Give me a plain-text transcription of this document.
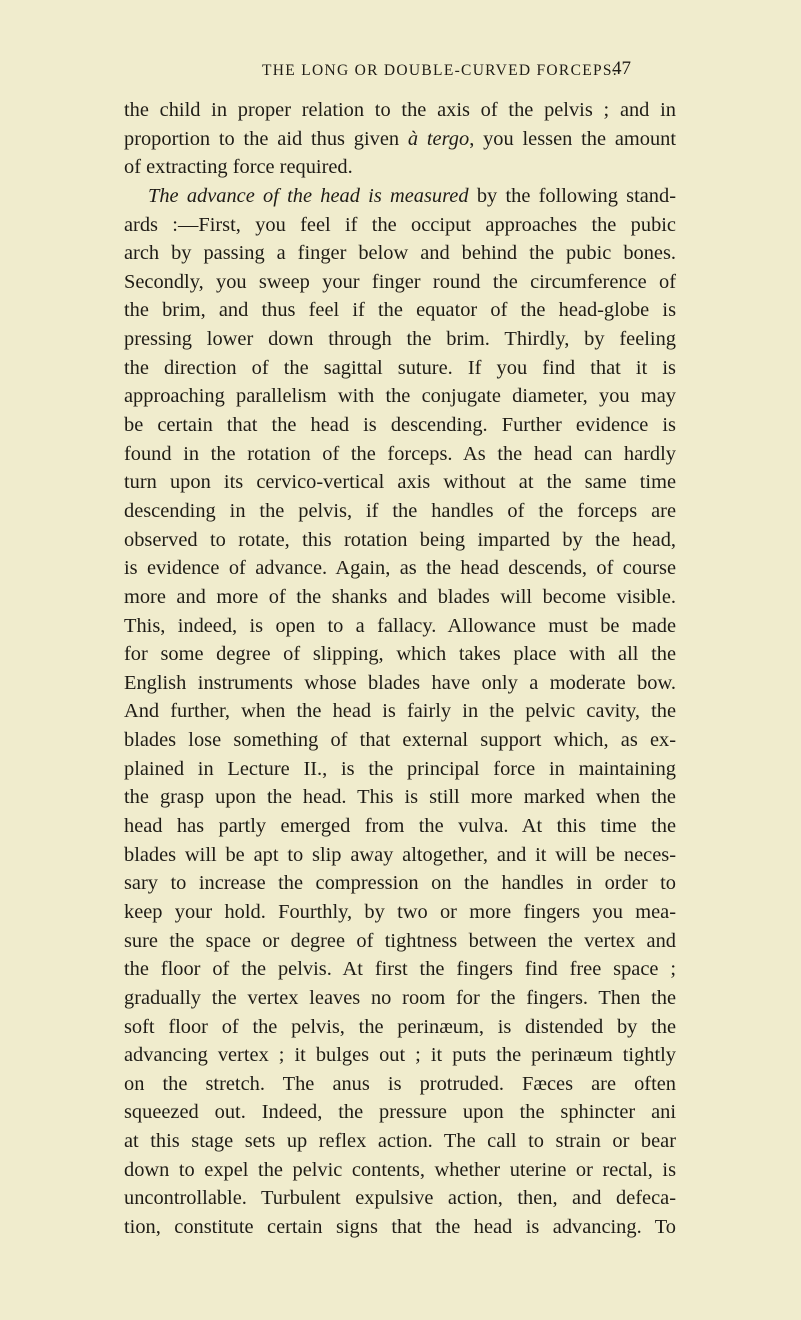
THE LONG OR DOUBLE-CURVED FORCEPS.
47
the child in proper relation to the axis of the pelvis ; and in
proportion to the aid thus given à tergo, you lessen the amount
of extracting force required.
The advance of the head is measured by the following stand-
ards :—First, you feel if the occiput approaches the pubic
arch by passing a finger below and behind the pubic bones.
Secondly, you sweep your finger round the circumference of
the brim, and thus feel if the equator of the head-globe is
pressing lower down through the brim. Thirdly, by feeling
the direction of the sagittal suture. If you find that it is
approaching parallelism with the conjugate diameter, you may
be certain that the head is descending. Further evidence is
found in the rotation of the forceps. As the head can hardly
turn upon its cervico-vertical axis without at the same time
descending in the pelvis, if the handles of the forceps are
observed to rotate, this rotation being imparted by the head,
is evidence of advance. Again, as the head descends, of course
more and more of the shanks and blades will become visible.
This, indeed, is open to a fallacy. Allowance must be made
for some degree of slipping, which takes place with all the
English instruments whose blades have only a moderate bow.
And further, when the head is fairly in the pelvic cavity, the
blades lose something of that external support which, as ex-
plained in Lecture II., is the principal force in maintaining
the grasp upon the head. This is still more marked when the
head has partly emerged from the vulva. At this time the
blades will be apt to slip away altogether, and it will be neces-
sary to increase the compression on the handles in order to
keep your hold. Fourthly, by two or more fingers you mea-
sure the space or degree of tightness between the vertex and
the floor of the pelvis. At first the fingers find free space ;
gradually the vertex leaves no room for the fingers. Then the
soft floor of the pelvis, the perinæum, is distended by the
advancing vertex ; it bulges out ; it puts the perinæum tightly
on the stretch. The anus is protruded. Fæces are often
squeezed out. Indeed, the pressure upon the sphincter ani
at this stage sets up reflex action. The call to strain or bear
down to expel the pelvic contents, whether uterine or rectal, is
uncontrollable. Turbulent expulsive action, then, and defeca-
tion, constitute certain signs that the head is advancing. To
